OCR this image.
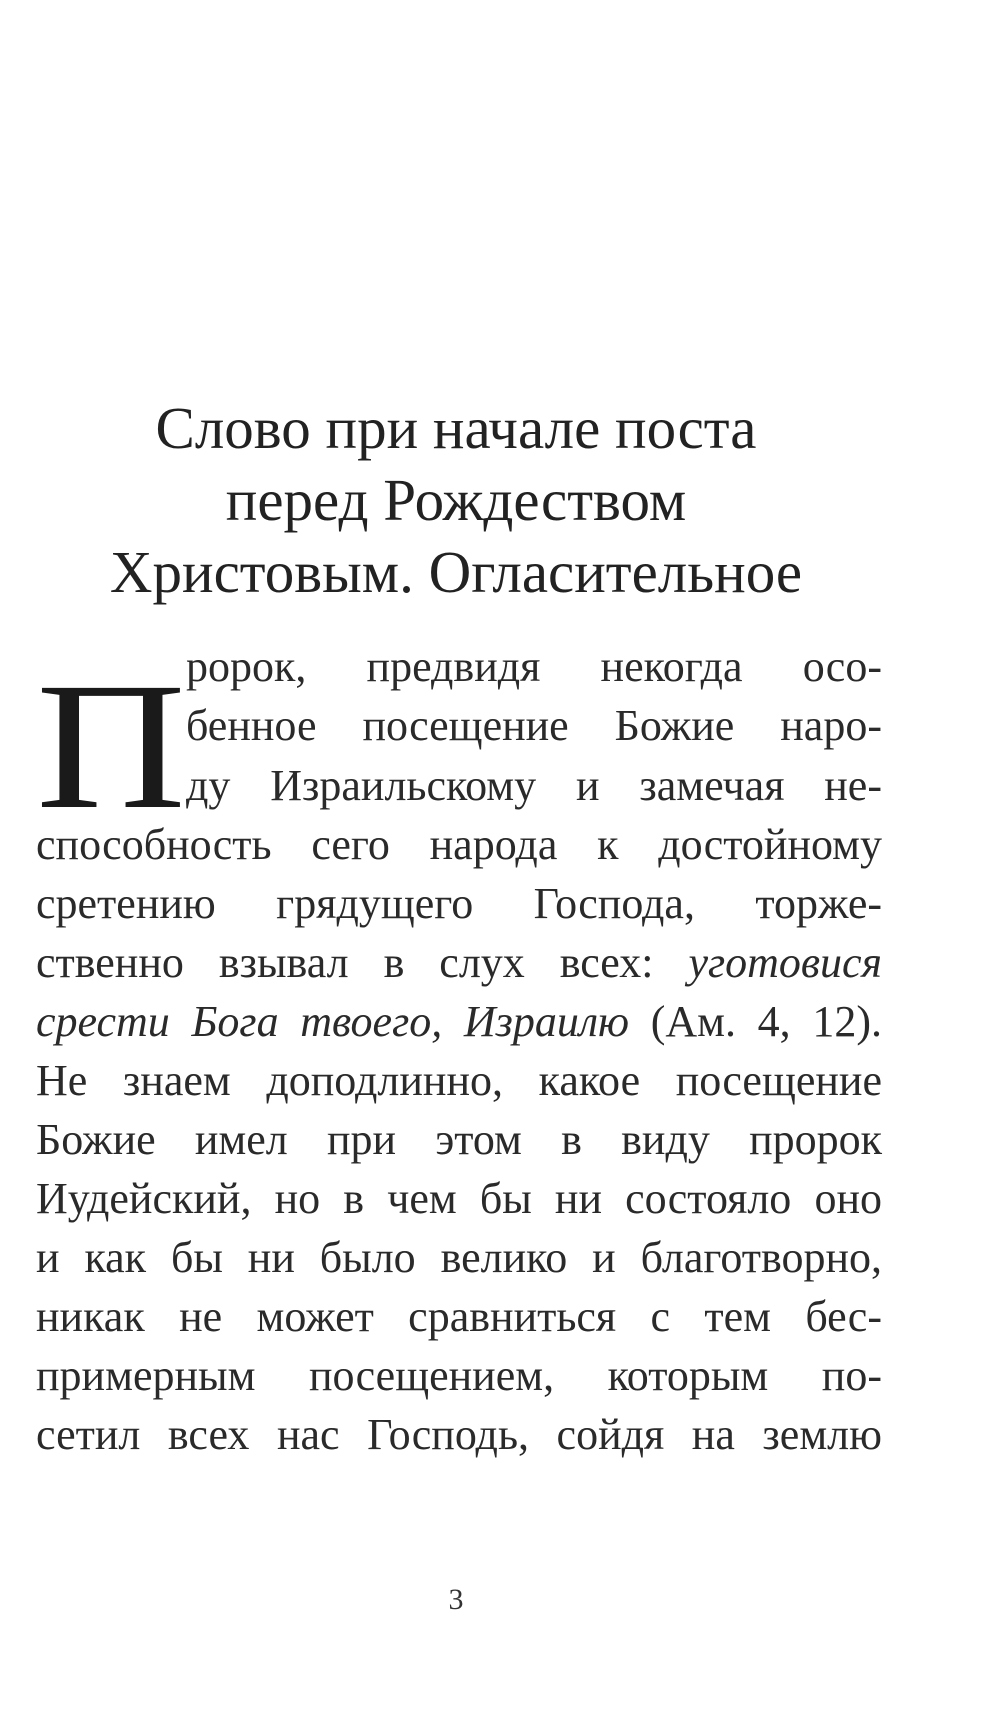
Слово при начале поста
перед Рождеством
Христовым. Огласительное
П ророк, предвидя некогда осо-
бенное посещение Божие наро-
ду Израильскому и замечая не-
способность сего народа к достойному
сретению грядущего Господа, торже-
ственно взывал в слух всех: уготовися
срести Бога твоего, Израилю (Ам. 4, 12).
Не знаем доподлинно, какое посещение
Божие имел при этом в виду пророк
Иудейский, но в чем бы ни состояло оно
и как бы ни было велико и благотворно,
никак не может сравниться с тем бес-
примерным посещением, которым по-
сетил всех нас Господь, сойдя на землю
3
